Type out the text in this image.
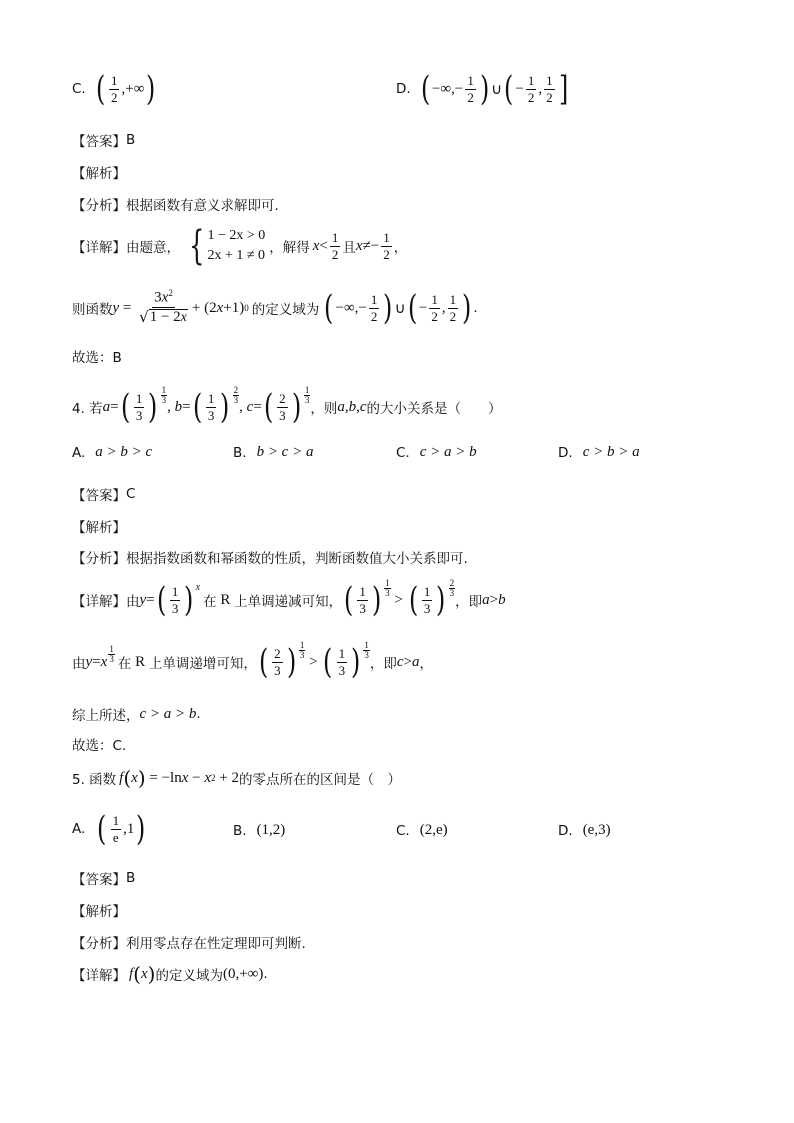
C. ( $\frac{1}{2}$ ,+∞ )	D. ( −∞,− $\frac{1}{2}$ ) ∪ ( − $\frac{1}{2}$ , $\frac{1}{2}$ ]
【答案】 B
【解析】
【分析】 根据函数有意义求解即可.
【详解】 由题意， { 1 − 2x > 0
2x + 1 ≠ 0 ，解得 $x < \frac{1}{2}$ 且 $x \ne- \frac{1}{2}$ ，
则函数 $y = \frac{3x^2}{√ 1 - 2x} + (2$ x +1) 0 的定义域为 ( −∞,− $\frac{1}{2}$ ) ∪ ( − $\frac{1}{2}$ , $\frac{1}{2}$ ) .
故选：B
4. 若 a = ( $\frac{1}{3}$ ) 1
3 , b = ( $\frac{1}{3}$ ) 2
3 , c = ( $\frac{2}{3}$ ) 1
3
，则 a , b , c 的大小关系是（　　）
A. a > b > c	B. b > c > a	C. c > a > b	D. c > b > a
【答案】 C
【解析】
【分析】 根据指数函数和幂函数的性质，判断函数值大小关系即可.
【详解】 由 y = ( $\frac{1}{3}$ ) x
在 R 上单调递减可知， ( $\frac{1}{3}$ ) 1
3 > ( $\frac{1}{3}$ ) 2
3
，即 a > b
由 y = x
1
3 在 R 上单调递增可知， ( $\frac{2}{3}$ ) 1
3 > ( $\frac{1}{3}$ ) 1
3
，即 c > a ，
综上所述， c > a > b .
故选：C.
5. 函数 f ( x ) = −ln x − x 2 + 2 的零点所在的区间是（　）
A. ( $\frac{1}{e} ,1$ )	B. (1,2)	C. (2,e)	D. (e,3)
【答案】 B
【解析】
【分析】 利用零点存在性定理即可判断.
【详解】 f ( x ) 的定义域为 (0,+∞) .
